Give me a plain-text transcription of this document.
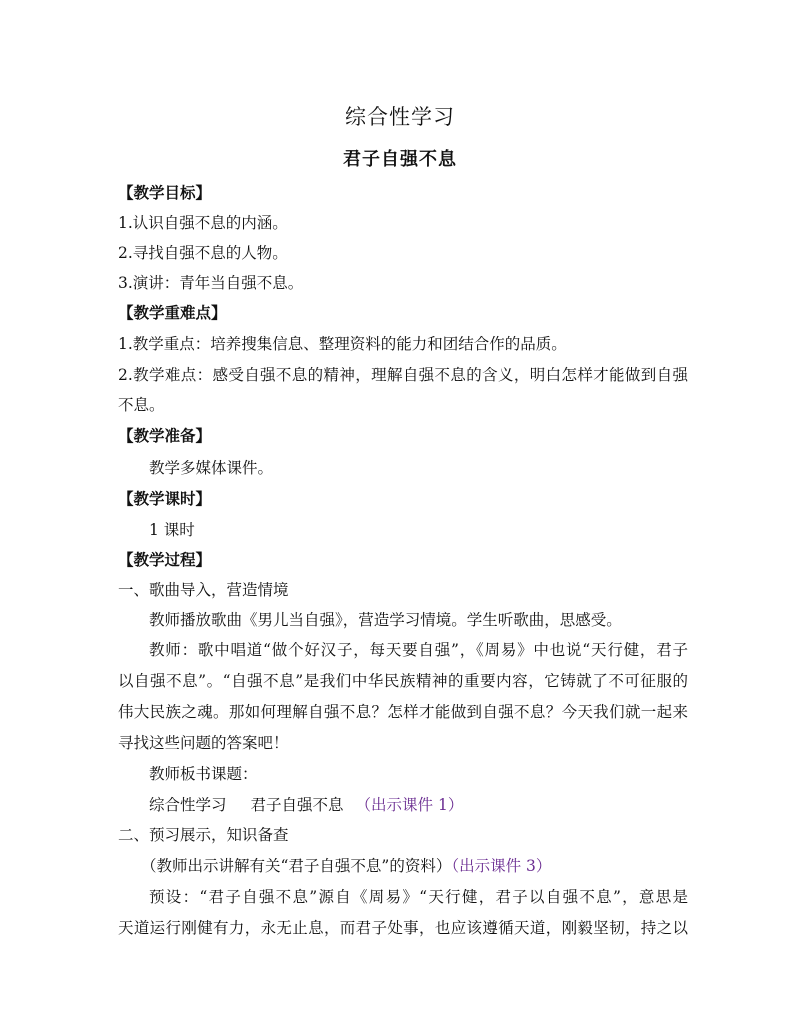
综合性学习
君子自强不息
【教学目标】
1.认识自强不息的内涵。
2.寻找自强不息的人物。
3.演讲：青年当自强不息。
【教学重难点】
1.教学重点：培养搜集信息、整理资料的能力和团结合作的品质。
2.教学难点：感受自强不息的精神，理解自强不息的含义，明白怎样才能做到自强
不息。
【教学准备】
教学多媒体课件。
【教学课时】
1 课时
【教学过程】
一、歌曲导入，营造情境
教师播放歌曲《男儿当自强》，营造学习情境。学生听歌曲，思感受。
教师：歌中唱道“做个好汉子，每天要自强”，《周易》中也说“天行健，君子
以自强不息”。“自强不息”是我们中华民族精神的重要内容，它铸就了不可征服的
伟大民族之魂。那如何理解自强不息？怎样才能做到自强不息？今天我们就一起来
寻找这些问题的答案吧！
教师板书课题：
综合性学习 君子自强不息 （出示课件 1）
二、预习展示，知识备查
（教师出示讲解有关“君子自强不息”的资料）（出示课件 3）
预设：“君子自强不息”源自《周易》“天行健，君子以自强不息”，意思是
天道运行刚健有力，永无止息，而君子处事，也应该遵循天道，刚毅坚韧，持之以
